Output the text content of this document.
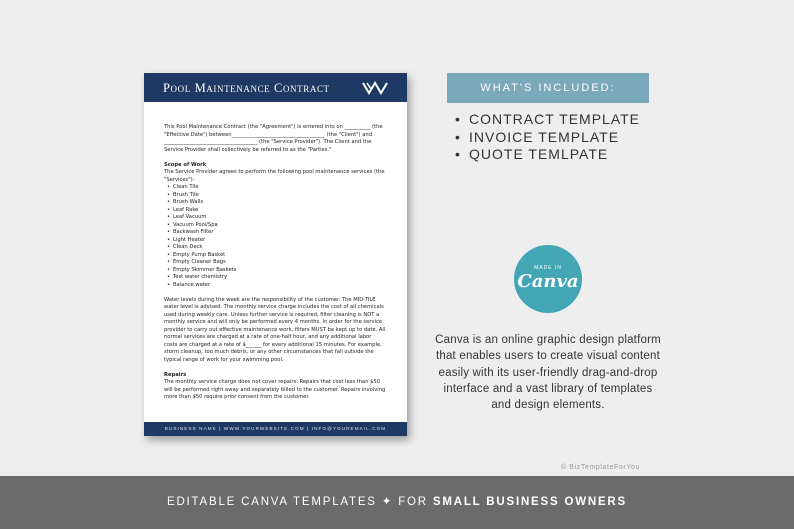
Pool Maintenance Contract

This Pool Maintenance Contract (the "Agreement") is entered into on __________ (the "Effective Date") between____________________________________ (the "Client") and ____________________________________ (the "Service Provider"). The Client and the Service Provider shall collectively be referred to as the "Parties."

Scope of Work
The Service Provider agrees to perform the following pool maintenance services (the "Services"):
• Clean Tile
• Brush Tile
• Brush Walls
• Leaf Rake
• Leaf Vacuum
• Vacuum Pool/Spa
• Backwash Filter
• Light Heater
• Clean Deck
• Empty Pump Basket
• Empty Cleaner Bags
• Empty Skimmer Baskets
• Test water chemistry
• Balance water

Water levels during the week are the responsibility of the customer. The MID-TILE water level is advised. The monthly service charge includes the cost of all chemicals used during weekly care. Unless further service is required, filter cleaning is NOT a monthly service and will only be performed every 4 months. In order for the service provider to carry out effective maintenance work, filters MUST be kept up to date. All normal services are charged at a rate of one-half hour, and any additional labor costs are charged at a rate of $______ for every additional 15 minutes. For example, storm cleanup, too much debris, or any other circumstances that fall outside the typical range of work for your swimming pool.

Repairs
The monthly service charge does not cover repairs. Repairs that cost less than $50 will be performed right away and separately billed to the customer. Repairs involving more than $50 require prior consent from the customer.
BUSINESS NAME | WWW.YOURWEBSITE.COM | INFO@YOUREMAIL.COM
WHAT'S INCLUDED:
• CONTRACT TEMPLATE
• INVOICE TEMPLATE
• QUOTE TEMLPATE
MADE IN
Canva
Canva is an online graphic design platform that enables users to create visual content easily with its user-friendly drag-and-drop interface and a vast library of templates and design elements.
© BizTemplateForYou
EDITABLE CANVA TEMPLATES ✦ FOR SMALL BUSINESS OWNERS
